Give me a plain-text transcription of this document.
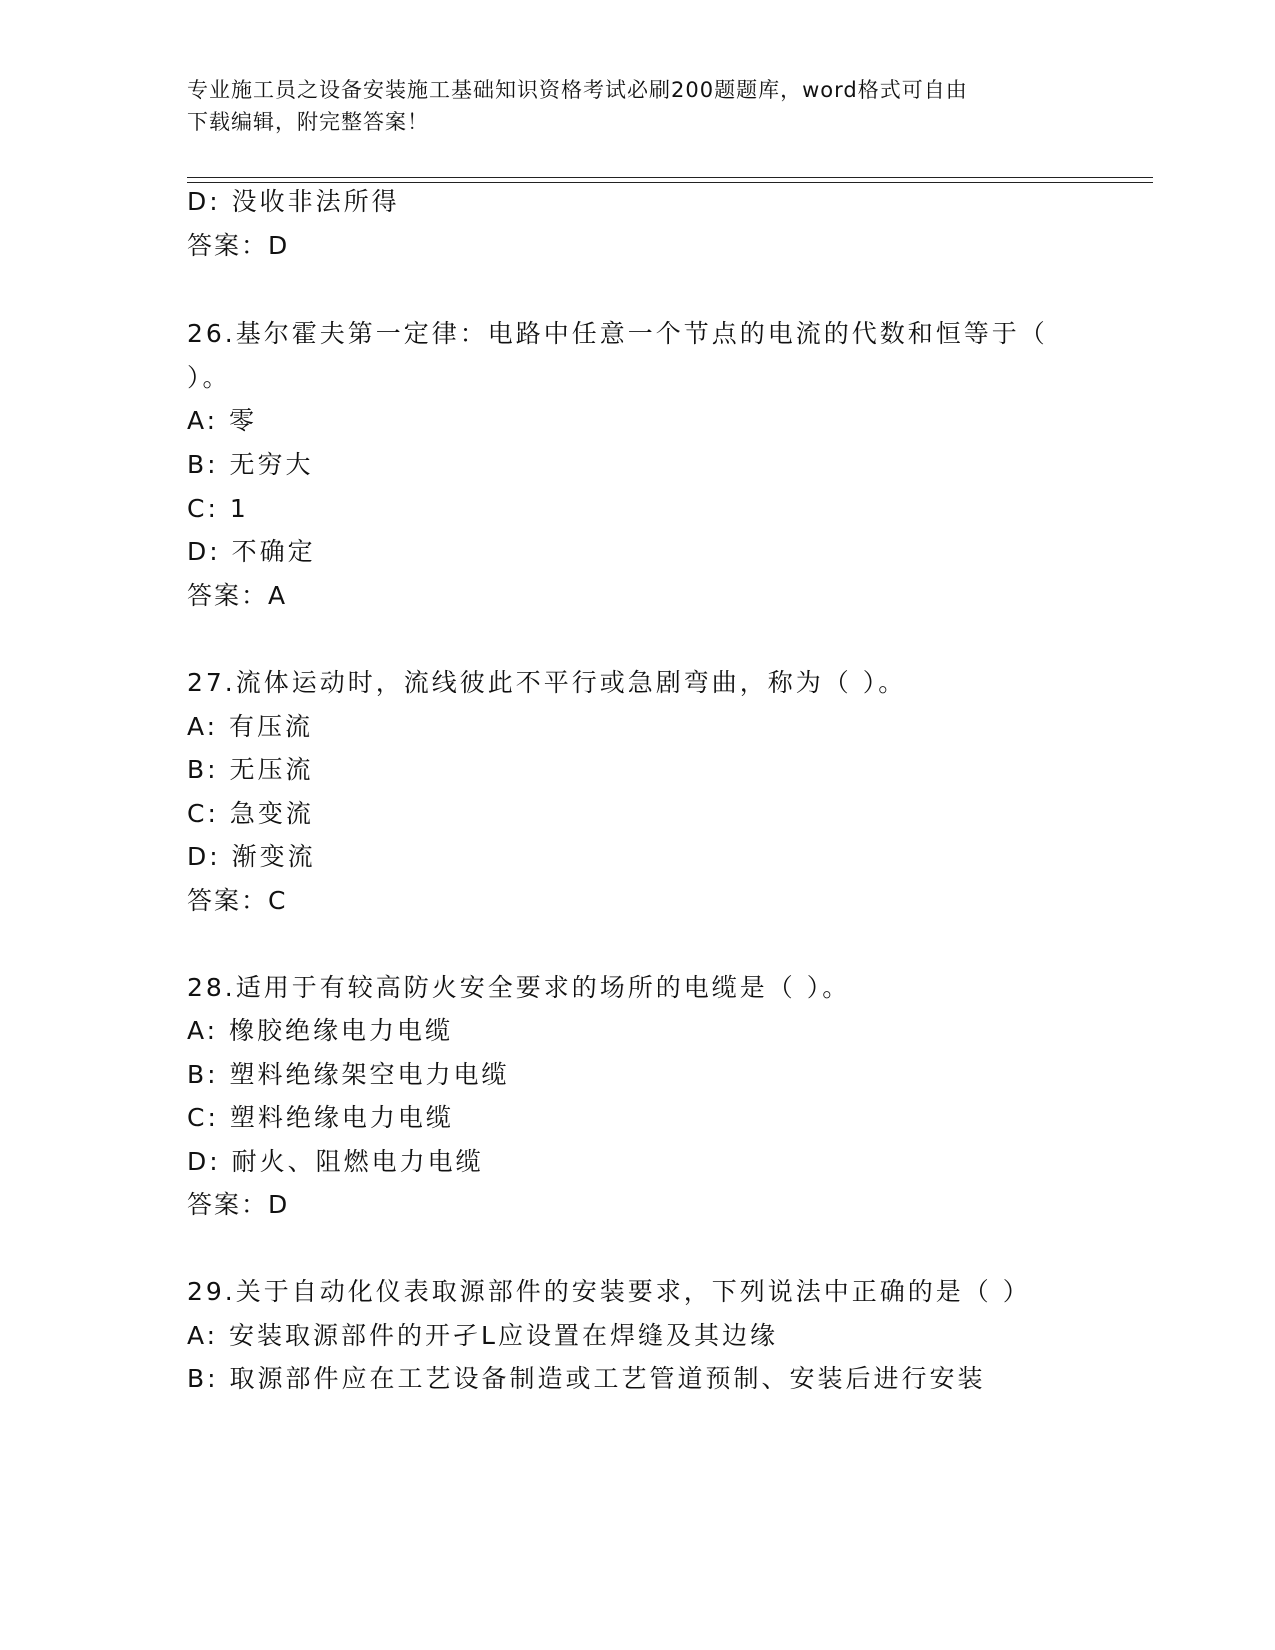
专业施工员之设备安装施工基础知识资格考试必刷200题题库，word格式可自由
下载编辑，附完整答案！
D: 没收非法所得
答案：D
26.基尔霍夫第一定律：电路中任意一个节点的电流的代数和恒等于（
）。
A: 零
B: 无穷大
C: 1
D: 不确定
答案：A
27.流体运动时，流线彼此不平行或急剧弯曲，称为（ ）。
A: 有压流
B: 无压流
C: 急变流
D: 渐变流
答案：C
28.适用于有较高防火安全要求的场所的电缆是（ ）。
A: 橡胶绝缘电力电缆
B: 塑料绝缘架空电力电缆
C: 塑料绝缘电力电缆
D: 耐火、阻燃电力电缆
答案：D
29.关于自动化仪表取源部件的安装要求，下列说法中正确的是（ ）
A: 安装取源部件的开孑L应设置在焊缝及其边缘
B: 取源部件应在工艺设备制造或工艺管道预制、安装后进行安装
